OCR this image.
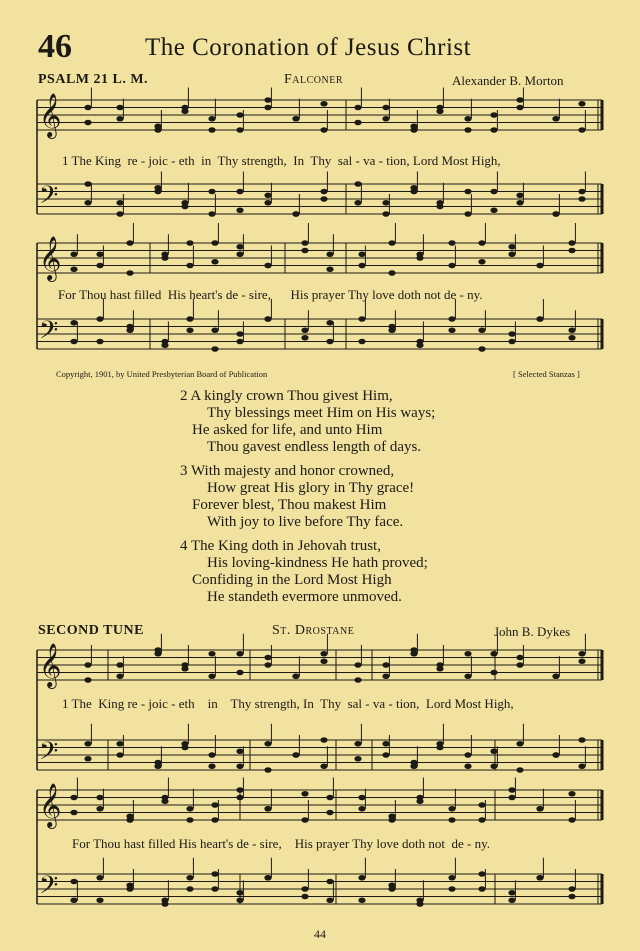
46	The Coronation of Jesus Christ
PSALM 21 L. M.	Falconer	Alexander B. Morton
𝄞
𝄢
𝄞
𝄢
𝄞
𝄢
𝄞
𝄢
1 The King  re - joic - eth  in  Thy strength,  In  Thy  sal - va - tion, Lord Most High,
For Thou hast filled  His heart's de - sire,      His prayer Thy love doth not de - ny.
Copyright, 1901, by United Presbyterian Board of Publication	[ Selected Stanzas ]
2 A kingly crown Thou givest Him,
Thy blessings meet Him on His ways;
He asked for life, and unto Him
Thou gavest endless length of days.
3 With majesty and honor crowned,
How great His glory in Thy grace!
Forever blest, Thou makest Him
With joy to live before Thy face.
4 The King doth in Jehovah trust,
His loving-kindness He hath proved;
Confiding in the Lord Most High
He standeth evermore unmoved.
SECOND TUNE	St. Drostane	John B. Dykes
1 The  King re - joic - eth    in    Thy strength, In  Thy  sal - va - tion,  Lord Most High,
For Thou hast filled His heart's de - sire,    His prayer Thy love doth not  de - ny.
44
